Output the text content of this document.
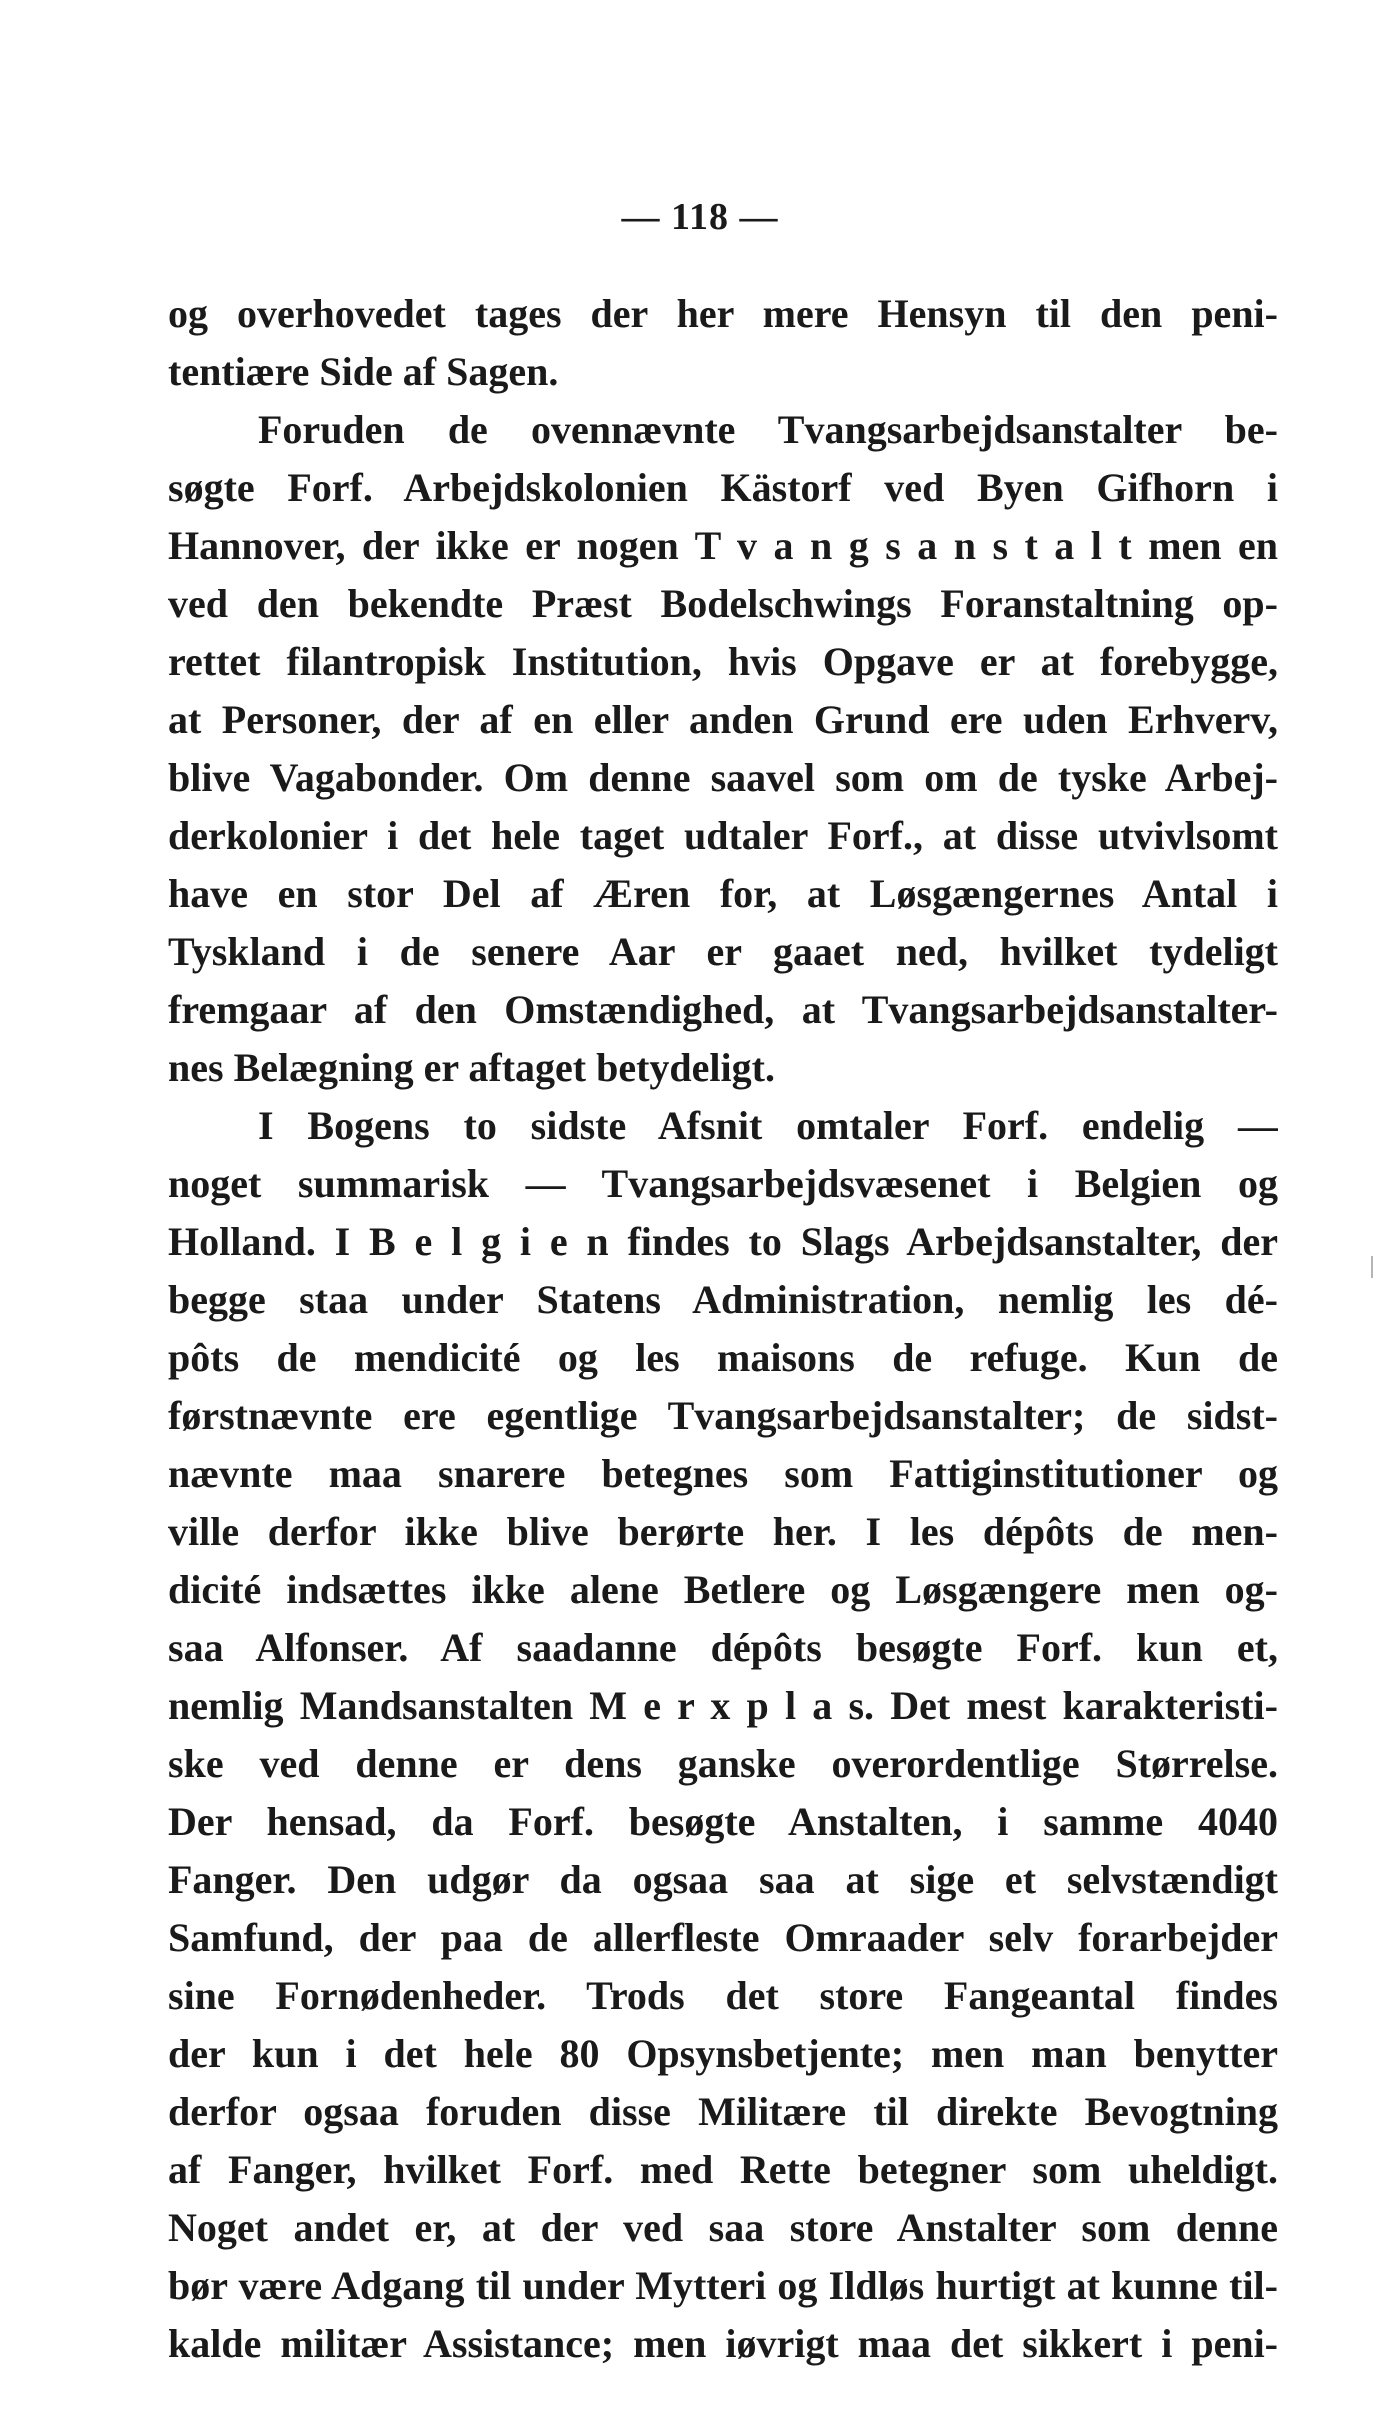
— 118 —
og overhovedet tages der her mere Hensyn til den peni-
tentiære Side af Sagen.
Foruden de ovennævnte Tvangsarbejdsanstalter be-
søgte Forf. Arbejdskolonien Kästorf ved Byen Gifhorn i
Hannover, der ikke er nogen T v a n g s a n s t a l t men en
ved den bekendte Præst Bodelschwings Foranstaltning op-
rettet filantropisk Institution, hvis Opgave er at forebygge,
at Personer, der af en eller anden Grund ere uden Erhverv,
blive Vagabonder. Om denne saavel som om de tyske Arbej-
derkolonier i det hele taget udtaler Forf., at disse utvivlsomt
have en stor Del af Æren for, at Løsgængernes Antal i
Tyskland i de senere Aar er gaaet ned, hvilket tydeligt
fremgaar af den Omstændighed, at Tvangsarbejdsanstalter-
nes Belægning er aftaget betydeligt.
I Bogens to sidste Afsnit omtaler Forf. endelig —
noget summarisk — Tvangsarbejdsvæsenet i Belgien og
Holland. I B e l g i e n findes to Slags Arbejdsanstalter, der
begge staa under Statens Administration, nemlig les dé-
pôts de mendicité og les maisons de refuge. Kun de
førstnævnte ere egentlige Tvangsarbejdsanstalter; de sidst-
nævnte maa snarere betegnes som Fattiginstitutioner og
ville derfor ikke blive berørte her. I les dépôts de men-
dicité indsættes ikke alene Betlere og Løsgængere men og-
saa Alfonser. Af saadanne dépôts besøgte Forf. kun et,
nemlig Mandsanstalten M e r x p l a s. Det mest karakteristi-
ske ved denne er dens ganske overordentlige Størrelse.
Der hensad, da Forf. besøgte Anstalten, i samme 4040
Fanger. Den udgør da ogsaa saa at sige et selvstændigt
Samfund, der paa de allerfleste Omraader selv forarbejder
sine Fornødenheder. Trods det store Fangeantal findes
der kun i det hele 80 Opsynsbetjente; men man benytter
derfor ogsaa foruden disse Militære til direkte Bevogtning
af Fanger, hvilket Forf. med Rette betegner som uheldigt.
Noget andet er, at der ved saa store Anstalter som denne
bør være Adgang til under Mytteri og Ildløs hurtigt at kunne til-
kalde militær Assistance; men iøvrigt maa det sikkert i peni-
